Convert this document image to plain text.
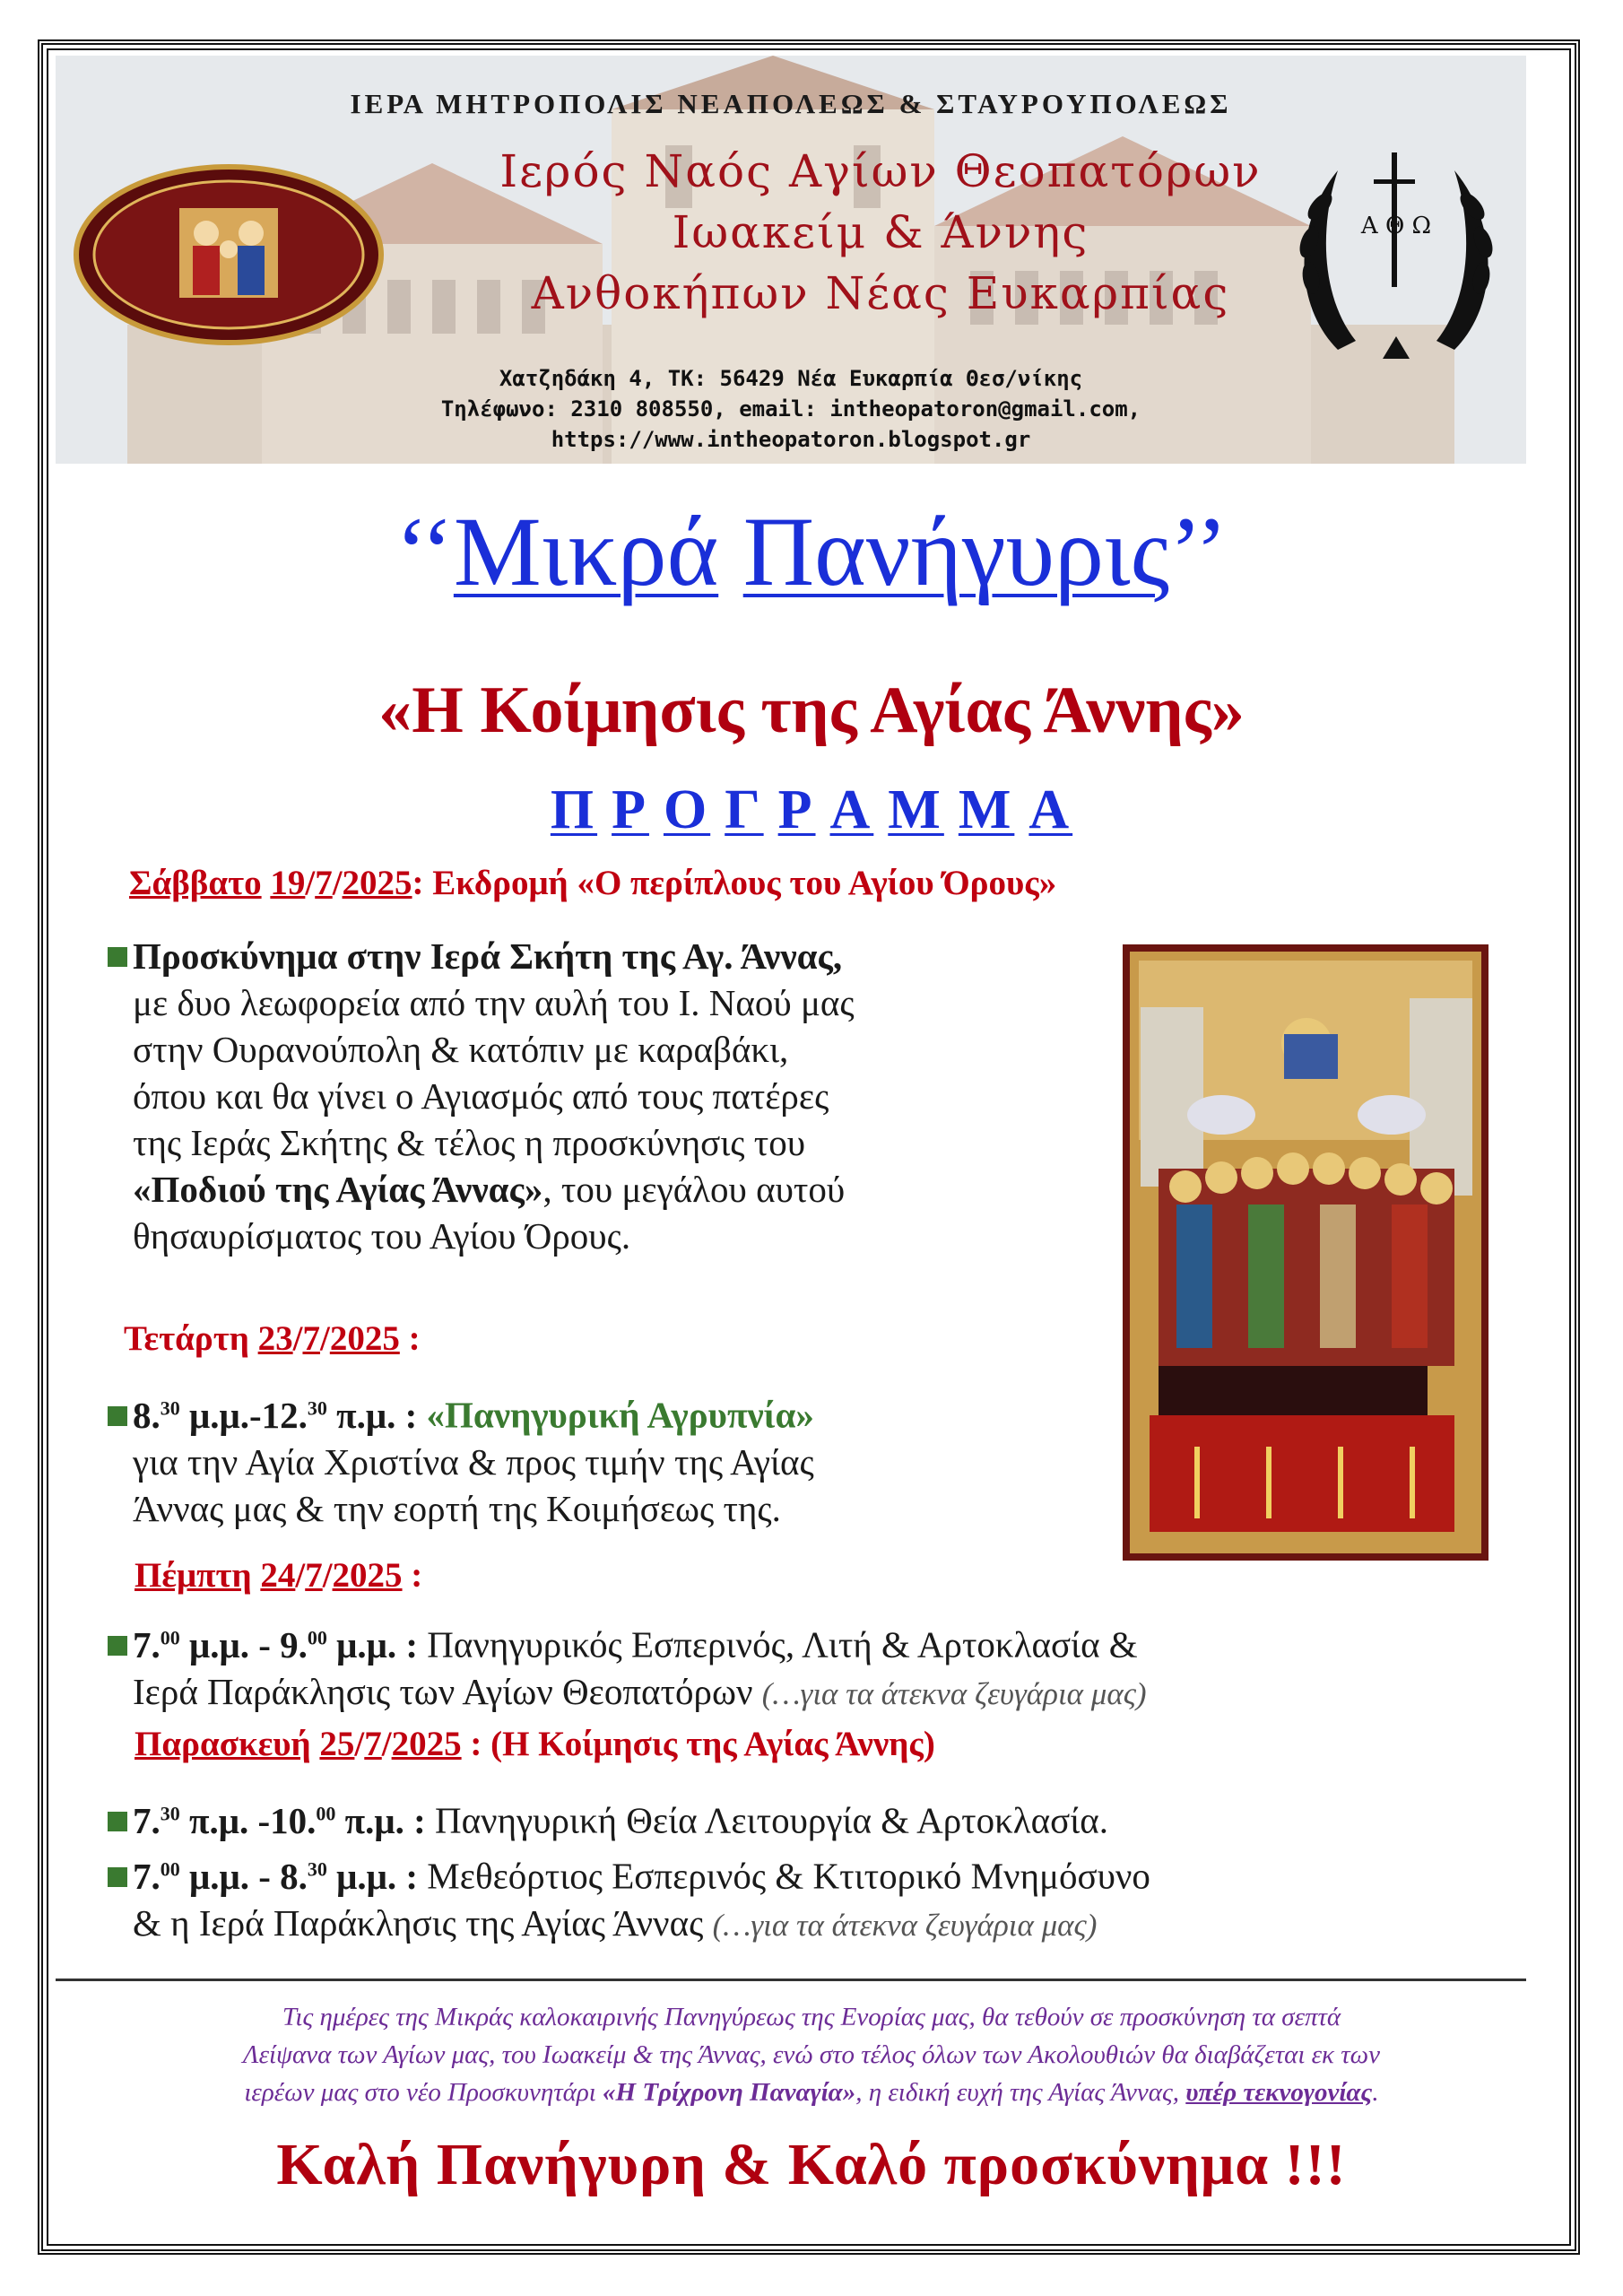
ΙΕΡΑ ΜΗΤΡΟΠΟΛΙΣ ΝΕΑΠΟΛΕΩΣ & ΣΤΑΥΡΟΥΠΟΛΕΩΣ
Ιερός Ναός Αγίων Θεοπατόρων
Ιωακείμ & Άννης
Ανθοκήπων Νέας Ευκαρπίας
Α Θ Ω
Χατζηδάκη 4, ΤΚ: 56429 Νέα Ευκαρπία Θεσ/νίκης
Τηλέφωνο: 2310 808550, email: intheopatoron@gmail.com,
https://www.intheopatoron.blogspot.gr
‘‘Μικρά Πανήγυρις’’
«Η Κοίμησις της Αγίας Άννης»
Π Ρ Ο Γ Ρ Α Μ Μ Α
Σάββατο 19/7/2025: Εκδρομή «Ο περίπλους του Αγίου Όρους»
Προσκύνημα στην Ιερά Σκήτη της Αγ. Άννας,
με δυο λεωφορεία από την αυλή του Ι. Ναού μας
στην Ουρανούπολη & κατόπιν με καραβάκι,
όπου και θα γίνει ο Αγιασμός από τους πατέρες
της Ιεράς Σκήτης & τέλος η προσκύνησις του
«Ποδιού της Αγίας Άννας», του μεγάλου αυτού
θησαυρίσματος του Αγίου Όρους.
Τετάρτη 23/7/2025 :
8.30 μ.μ.-12.30 π.μ. : «Πανηγυρική Αγρυπνία»
για την Αγία Χριστίνα & προς τιμήν της Αγίας
Άννας μας & την εορτή της Κοιμήσεως της.
Πέμπτη 24/7/2025 :
7.00 μ.μ. - 9.00 μ.μ. : Πανηγυρικός Εσπερινός, Λιτή & Αρτοκλασία &
Ιερά Παράκλησις των Αγίων Θεοπατόρων (…για τα άτεκνα ζευγάρια μας)
Παρασκευή 25/7/2025 : (Η Κοίμησις της Αγίας Άννης)
7.30 π.μ. -10.00 π.μ. : Πανηγυρική Θεία Λειτουργία & Αρτοκλασία.
7.00 μ.μ. - 8.30 μ.μ. : Μεθεόρτιος Εσπερινός & Κτιτορικό Μνημόσυνο
& η Ιερά Παράκλησις της Αγίας Άννας (…για τα άτεκνα ζευγάρια μας)
Τις ημέρες της Μικράς καλοκαιρινής Πανηγύρεως της Ενορίας μας, θα τεθούν σε προσκύνηση τα σεπτά
Λείψανα των Αγίων μας, του Ιωακείμ & της Άννας, ενώ στο τέλος όλων των Ακολουθιών θα διαβάζεται εκ των
ιερέων μας στο νέο Προσκυνητάρι «Η Τρίχρονη Παναγία», η ειδική ευχή της Αγίας Άννας, υπέρ τεκνογονίας.
Καλή Πανήγυρη & Καλό προσκύνημα !!!
